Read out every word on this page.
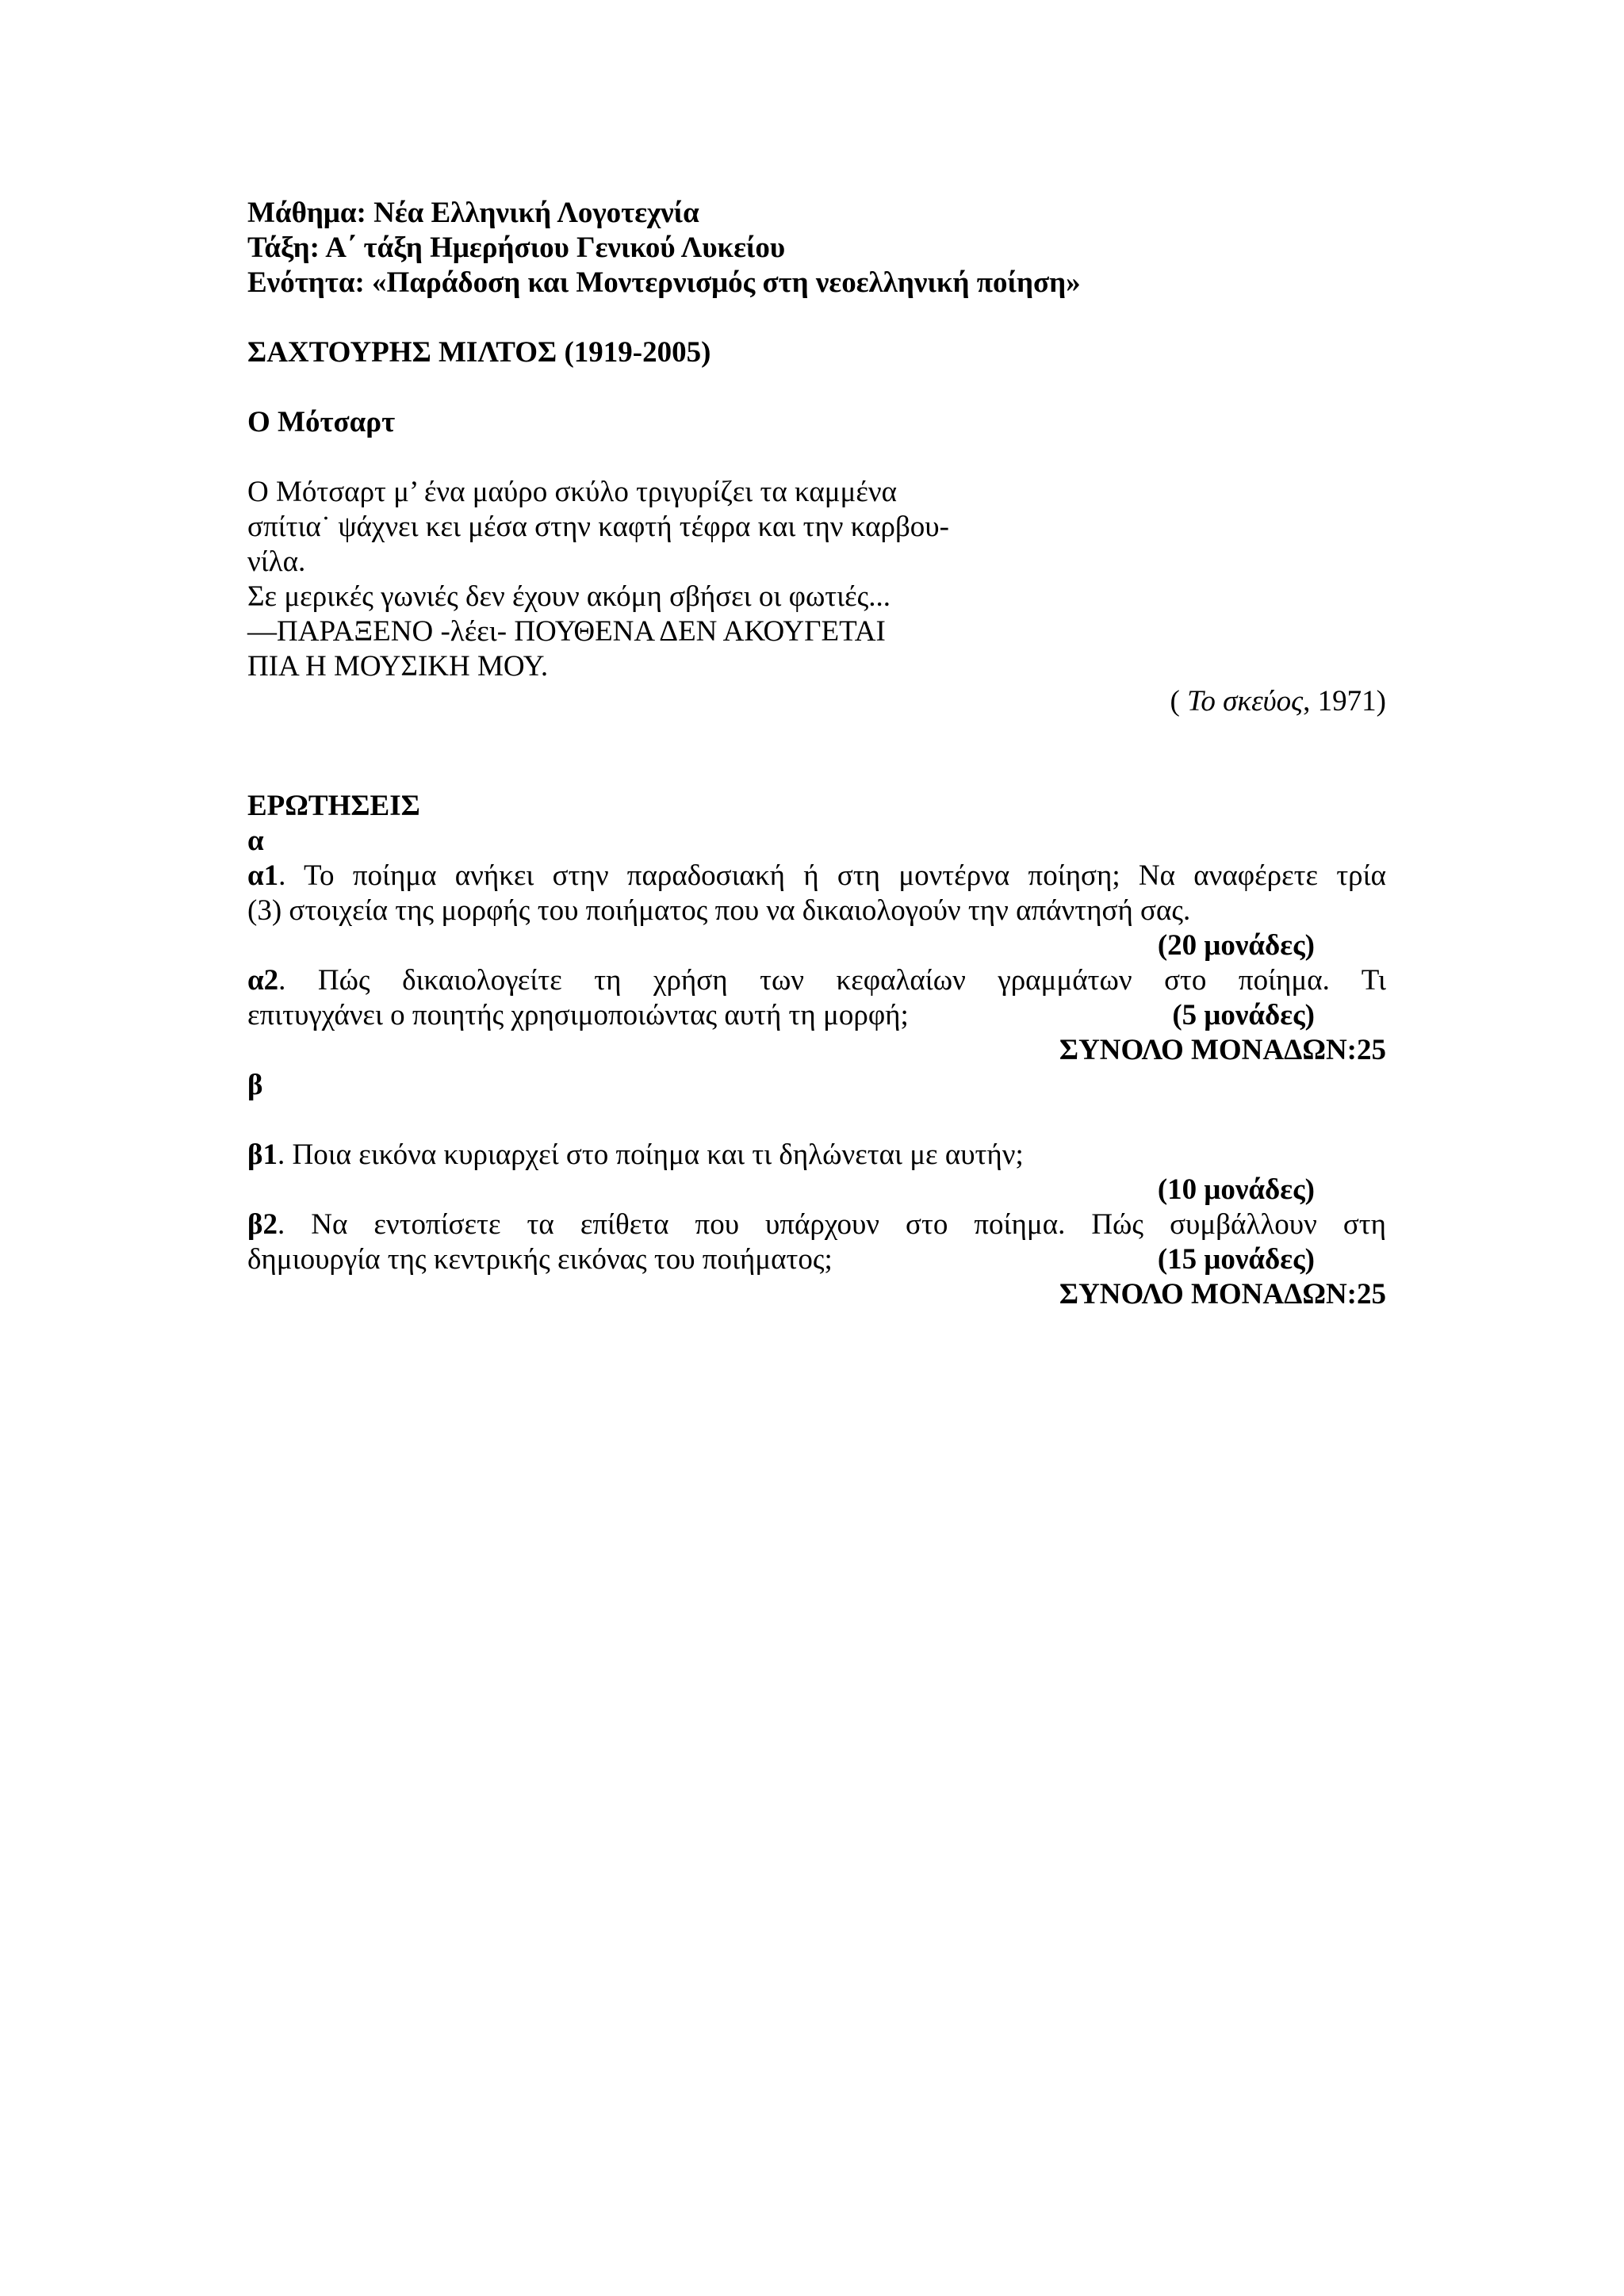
Μάθημα: Νέα Ελληνική Λογοτεχνία
Τάξη: Α΄ τάξη Ημερήσιου Γενικού Λυκείου
Ενότητα: «Παράδοση και Μοντερνισμός στη νεοελληνική ποίηση»
ΣΑΧΤΟΥΡΗΣ ΜΙΛΤΟΣ (1919-2005)
Ο Μότσαρτ
Ο Μότσαρτ μ’ ένα μαύρο σκύλο τριγυρίζει τα καμμένα
σπίτια˙ ψάχνει κει μέσα στην καφτή τέφρα και την καρβου-
νίλα.
Σε μερικές γωνιές δεν έχουν ακόμη σβήσει οι φωτιές...
—ΠΑΡΑΞΕΝΟ -λέει- ΠΟΥΘΕΝΑ ΔΕΝ ΑΚΟΥΓΕΤΑΙ
ΠΙΑ Η ΜΟΥΣΙΚΗ ΜΟΥ.
( Το σκεύος, 1971)
ΕΡΩΤΗΣΕΙΣ
α
α1. Το ποίημα ανήκει στην παραδοσιακή ή στη μοντέρνα ποίηση; Να αναφέρετε τρία
(3) στοιχεία της μορφής του ποιήματος που να δικαιολογούν την απάντησή σας.
(20 μονάδες)
α2. Πώς δικαιολογείτε τη χρήση των κεφαλαίων γραμμάτων στο ποίημα. Τι
επιτυγχάνει ο ποιητής χρησιμοποιώντας αυτή τη μορφή;	(5 μονάδες)
ΣΥΝΟΛΟ ΜΟΝΑΔΩΝ:25
β
β1. Ποια εικόνα κυριαρχεί στο ποίημα και τι δηλώνεται με αυτήν;
(10 μονάδες)
β2. Να εντοπίσετε τα επίθετα που υπάρχουν στο ποίημα. Πώς συμβάλλουν στη
δημιουργία της κεντρικής εικόνας του ποιήματος;	(15 μονάδες)
ΣΥΝΟΛΟ ΜΟΝΑΔΩΝ:25
